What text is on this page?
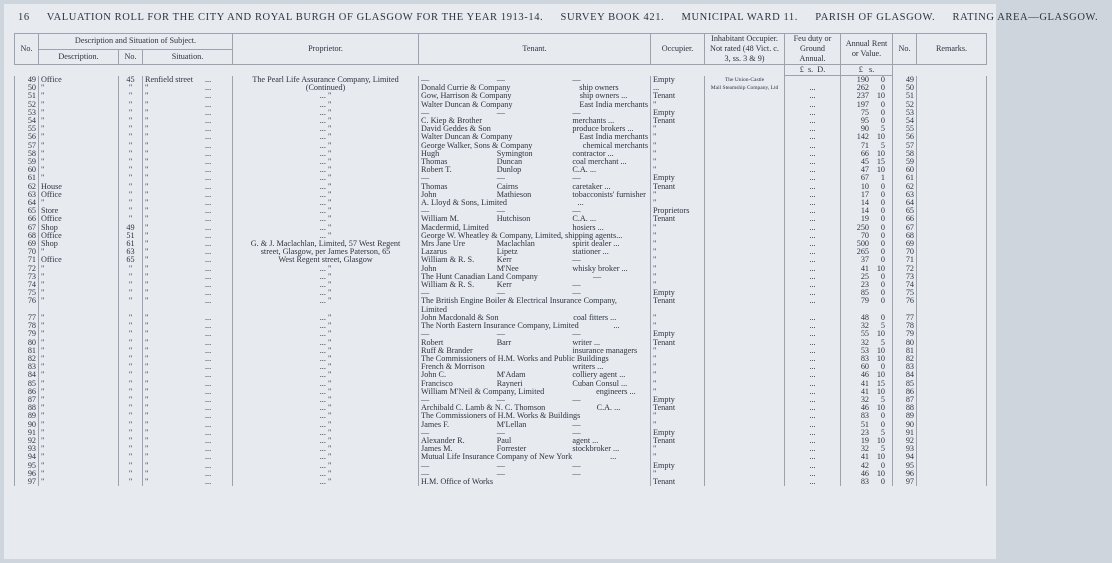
16 VALUATION ROLL FOR THE CITY AND ROYAL BURGH OF GLASGOW FOR THE YEAR 1913-14. SURVEY BOOK 421. MUNICIPAL WARD 11. PARISH OF GLASGOW. RATING AREA—GLASGOW.
No.	Description and Situation of Subject.			Proprietor.	Tenant.	Occupier.	Inhabitant Occupier. Not rated (48 Vict. c. 3, ss. 3 & 9)	Feu duty or Ground Annual.	Annual Rent or Value.	No.	Remarks.
	Description.	No.	Situation.								
								£ s. D.	£ s.		
49	Office	45	Renfield street ...	The Pearl Life Assurance Company, Limited	— — —	Empty	The Union-Castle		190 0	49	
50	"	"	" ...	(Continued)	Donald Currie & Company ship owners	...	Mail Steamship Company, Ltd	...	262 0	50	
51	"	"	" ...	... "	Gow, Harrison & Company ship owners ...	Tenant		...	237 10	51	
52	"	"	" ...	... "	Walter Duncan & Company East India merchants	"		...	197 0	52	
53	"	"	" ...	... "	— — —	Empty		...	75 0	53	
54	"	"	" ...	... "	C. Kiep & Brother merchants ...	Tenant		...	95 0	54	
55	"	"	" ...	... "	David Geddes & Son produce brokers ...	"		...	90 5	55	
56	"	"	" ...	... "	Walter Duncan & Company East India merchants	"		...	142 10	56	
57	"	"	" ...	... "	George Walker, Sons & Company chemical merchants	"		...	71 5	57	
58	"	"	" ...	... "	Hugh Symington contractor ...	"		...	66 10	58	
59	"	"	" ...	... "	Thomas Duncan coal merchant ...	"		...	45 15	59	
60	"	"	" ...	... "	Robert T. Dunlop C.A. ...	"		...	47 10	60	
61	"	"	" ...	... "	— — —	Empty		...	67 1	61	
62	House	"	" ...	... "	Thomas Cairns caretaker ...	Tenant		...	10 0	62	
63	Office	"	" ...	... "	John Mathieson tobacconists' furnisher	"		...	17 0	63	
64	"	"	" ...	... "	A. Lloyd & Sons, Limited ...	"		...	14 0	64	
65	Store	"	" ...	... "	— — —	Proprietors		...	14 0	65	
66	Office	"	" ...	... "	William M. Hutchison C.A. ...	Tenant		...	19 0	66	
67	Shop	49	" ...	... "	Macdermid, Limited hosiers ...	"		...	250 0	67	
68	Office	51	" ...	... "	George W. Wheatley & Company, Limited, shipping agents...	"		...	70 0	68	
69	Shop	61	" ...	G. & J. Maclachlan, Limited, 57 West Regent	Mrs Jane Ure Maclachlan spirit dealer ...	"		...	500 0	69	
70	"	63	" ...	street, Glasgow, per James Paterson, 65	Lazarus Lipetz stationer ...	"		...	265 0	70	
71	Office	65	" ...	West Regent street, Glasgow	William & R. S. Kerr —	"		...	37 0	71	
72	"	"	" ...	... "	John M'Nee whisky broker ...	"		...	41 10	72	
73	"	"	" ...	... "	The Hunt Canadian Land Company —	"		...	25 0	73	
74	"	"	" ...	... "	William & R. S. Kerr —	"		...	23 0	74	
75	"	"	" ...	... "	— — —	Empty		...	85 0	75	
76	"	"	" ...	... "	The British Engine Boiler & Electrical Insurance Company,	Tenant		...	79 0	76	

					Limited						

77	"	"	" ...	... "	John Macdonald & Son coal fitters ...	"		...	48 0	77	
78	"	"	" ...	... "	The North Eastern Insurance Company, Limited ...	"		...	32 5	78	
79	"	"	" ...	... "	— — —	Empty		...	55 10	79	
80	"	"	" ...	... "	Robert Barr writer ...	Tenant		...	32 5	80	
81	"	"	" ...	... "	Ruff & Brander insurance managers	"		...	53 10	81	
82	"	"	" ...	... "	The Commissioners of H.M. Works and Public Buildings	"		...	83 10	82	
83	"	"	" ...	... "	French & Morrison writers ...	"		...	60 0	83	
84	"	"	" ...	... "	John C. M'Adam colliery agent ...	"		...	46 10	84	
85	"	"	" ...	... "	Francisco Rayneri Cuban Consul ...	"		...	41 15	85	
86	"	"	" ...	... "	William M'Neil & Company, Limited engineers ...	"		...	41 10	86	
87	"	"	" ...	... "	— — —	Empty		...	32 5	87	
88	"	"	" ...	... "	Archibald C. Lamb & N. C. Thomson C.A. ...	Tenant		...	46 10	88	
89	"	"	" ...	... "	The Commissioners of H.M. Works & Buildings	"		...	83 0	89	
90	"	"	" ...	... "	James F. M'Lellan —	"		...	51 0	90	
91	"	"	" ...	... "	— — —	Empty		...	23 5	91	
92	"	"	" ...	... "	Alexander R. Paul agent ...	Tenant		...	19 10	92	
93	"	"	" ...	... "	James M. Forrester stockbroker ...	"		...	32 5	93	
94	"	"	" ...	... "	Mutual Life Insurance Company of New York ...	"		...	41 10	94	
95	"	"	" ...	... "	— — —	Empty		...	42 0	95	
96	"	"	" ...	... "	— — —	"		...	46 10	96	
97	"	"	" ...	... "	H.M. Office of Works	Tenant		...	83 0	97	
